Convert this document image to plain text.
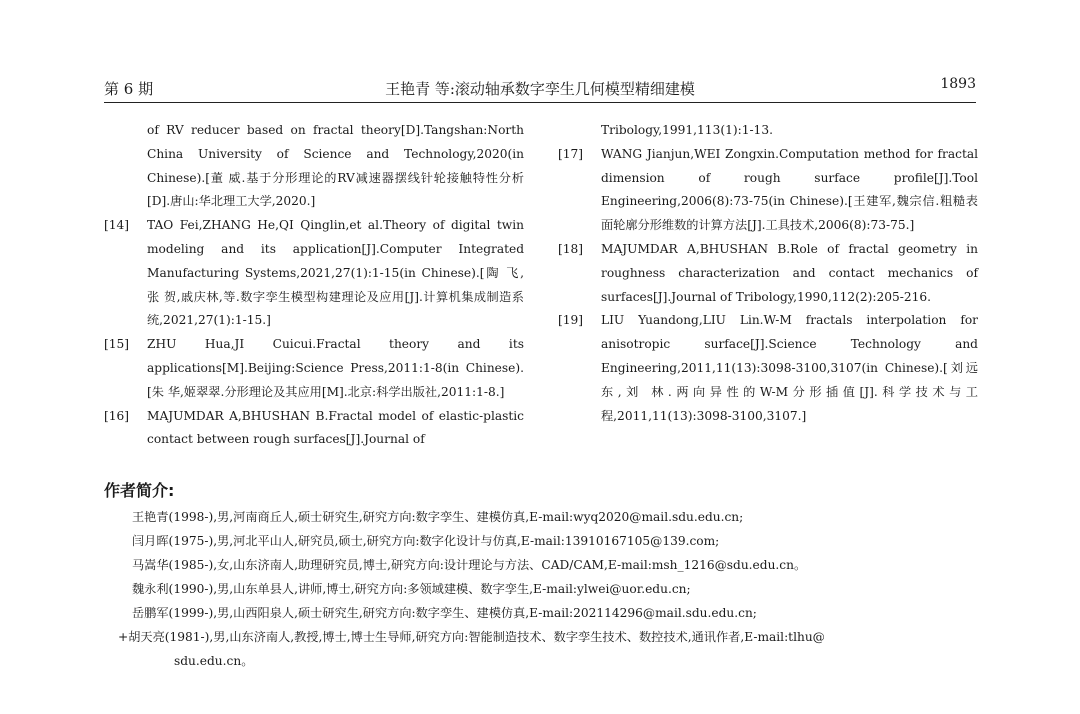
第 6 期	王艳青 等:滚动轴承数字孪生几何模型精细建模	1893
of RV reducer based on fractal theory[D].Tangshan:North China University of Science and Technology,2020(in Chinese).[董 威.基于分形理论的RV减速器摆线针轮接触特性分析[D].唐山:华北理工大学,2020.]
[14] TAO Fei,ZHANG He,QI Qinglin,et al.Theory of digital twin modeling and its application[J].Computer Integrated Manufacturing Systems,2021,27(1):1-15(in Chinese).[陶 飞,张 贺,戚庆林,等.数字孪生模型构建理论及应用[J].计算机集成制造系统,2021,27(1):1-15.]
[15] ZHU Hua,JI Cuicui.Fractal theory and its applications[M].Beijing:Science Press,2011:1-8(in Chinese).[朱 华,姬翠翠.分形理论及其应用[M].北京:科学出版社,2011:1-8.]
[16] MAJUMDAR A,BHUSHAN B.Fractal model of elastic-plastic contact between rough surfaces[J].Journal of
Tribology,1991,113(1):1-13.
[17] WANG Jianjun,WEI Zongxin.Computation method for fractal dimension of rough surface profile[J].Tool Engineering,2006(8):73-75(in Chinese).[王建军,魏宗信.粗糙表面轮廓分形维数的计算方法[J].工具技术,2006(8):73-75.]
[18] MAJUMDAR A,BHUSHAN B.Role of fractal geometry in roughness characterization and contact mechanics of surfaces[J].Journal of Tribology,1990,112(2):205-216.
[19] LIU Yuandong,LIU Lin.W-M fractals interpolation for anisotropic surface[J].Science Technology and Engineering,2011,11(13):3098-3100,3107(in Chinese).[刘远东,刘 林.两向异性的W-M分形插值[J].科学技术与工程,2011,11(13):3098-3100,3107.]
作者简介:
王艳青(1998-),男,河南商丘人,硕士研究生,研究方向:数字孪生、建模仿真,E-mail:wyq2020@mail.sdu.edu.cn;
闫月晖(1975-),男,河北平山人,研究员,硕士,研究方向:数字化设计与仿真,E-mail:13910167105@139.com;
马嵩华(1985-),女,山东济南人,助理研究员,博士,研究方向:设计理论与方法、CAD/CAM,E-mail:msh_1216@sdu.edu.cn。
魏永利(1990-),男,山东单县人,讲师,博士,研究方向:多领域建模、数字孪生,E-mail:ylwei@uor.edu.cn;
岳鹏军(1999-),男,山西阳泉人,硕士研究生,研究方向:数字孪生、建模仿真,E-mail:202114296@mail.sdu.edu.cn;
+胡天亮(1981-),男,山东济南人,教授,博士,博士生导师,研究方向:智能制造技术、数字孪生技术、数控技术,通讯作者,E-mail:tlhu@
sdu.edu.cn。
